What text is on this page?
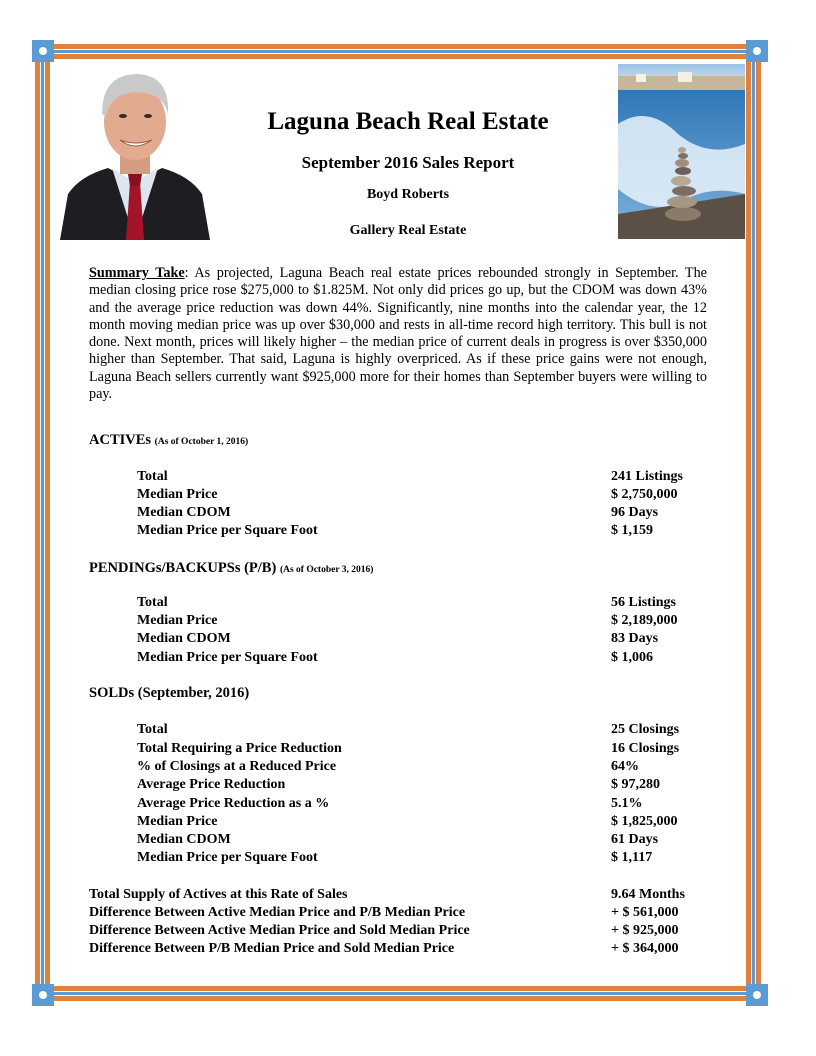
Laguna Beach Real Estate
September 2016 Sales Report
Boyd Roberts
Gallery Real Estate
Summary Take: As projected, Laguna Beach real estate prices rebounded strongly in September. The median closing price rose $275,000 to $1.825M. Not only did prices go up, but the CDOM was down 43% and the average price reduction was down 44%. Significantly, nine months into the calendar year, the 12 month moving median price was up over $30,000 and rests in all-time record high territory. This bull is not done. Next month, prices will likely higher – the median price of current deals in progress is over $350,000 higher than September. That said, Laguna is highly overpriced. As if these price gains were not enough, Laguna Beach sellers currently want $925,000 more for their homes than September buyers were willing to pay.
ACTIVEs (As of October 1, 2016)
Total	241 Listings
Median Price	$ 2,750,000
Median CDOM	96 Days
Median Price per Square Foot	$ 1,159
PENDINGs/BACKUPSs (P/B) (As of October 3, 2016)
Total	56 Listings
Median Price	$ 2,189,000
Median CDOM	83 Days
Median Price per Square Foot	$ 1,006
SOLDs (September, 2016)
Total	25 Closings
Total Requiring a Price Reduction	16 Closings
% of Closings at a Reduced Price	64%
Average Price Reduction	$ 97,280
Average Price Reduction as a %	5.1%
Median Price	$ 1,825,000
Median CDOM	61 Days
Median Price per Square Foot	$ 1,117
Total Supply of Actives at this Rate of Sales	9.64 Months
Difference Between Active Median Price and P/B Median Price	+ $ 561,000
Difference Between Active Median Price and Sold Median Price	+ $ 925,000
Difference Between P/B Median Price and Sold Median Price	+ $ 364,000
